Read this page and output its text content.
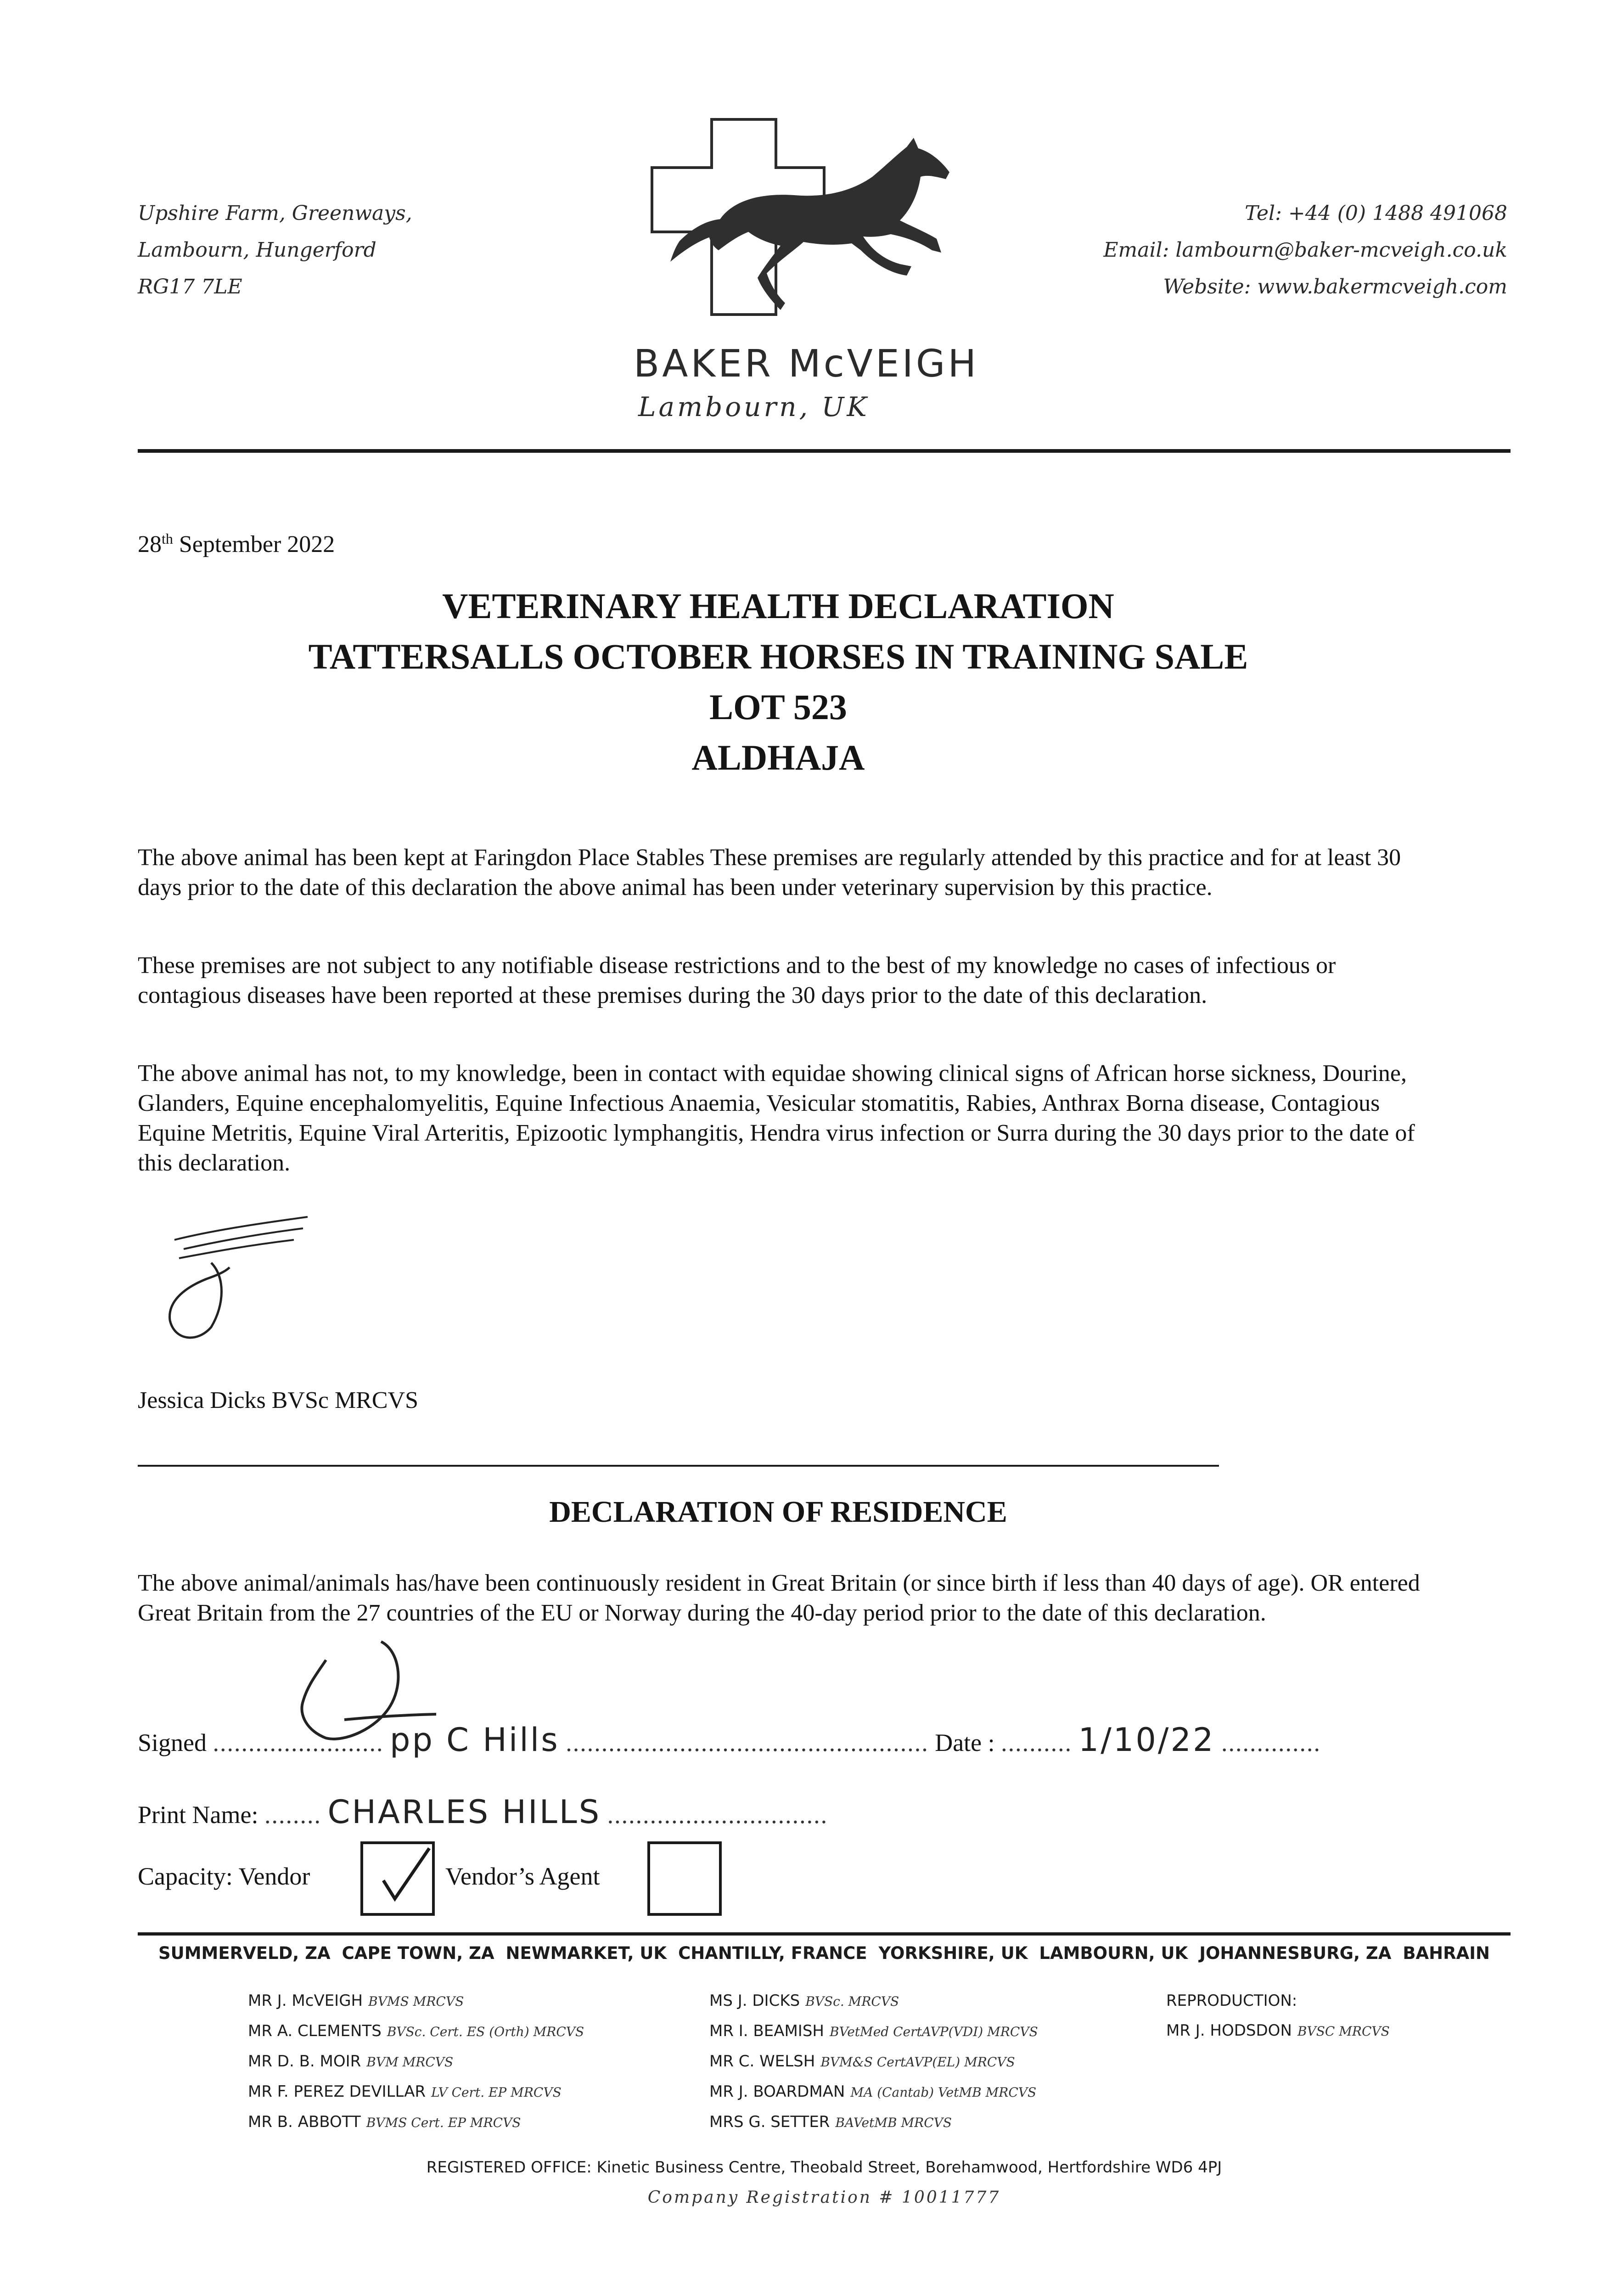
Upshire Farm, Greenways,
Lambourn, Hungerford
RG17 7LE
BAKER McVEIGH
Lambourn, UK
Tel: +44 (0) 1488 491068
Email: lambourn@baker-mcveigh.co.uk
Website: www.bakermcveigh.com
28th September 2022
VETERINARY HEALTH DECLARATION
TATTERSALLS OCTOBER HORSES IN TRAINING SALE
LOT 523
ALDHAJA
The above animal has been kept at Faringdon Place Stables These premises are regularly attended by this practice and for at least 30 days prior to the date of this declaration the above animal has been under veterinary supervision by this practice.
These premises are not subject to any notifiable disease restrictions and to the best of my knowledge no cases of infectious or contagious diseases have been reported at these premises during the 30 days prior to the date of this declaration.
The above animal has not, to my knowledge, been in contact with equidae showing clinical signs of African horse sickness, Dourine, Glanders, Equine encephalomyelitis, Equine Infectious Anaemia, Vesicular stomatitis, Rabies, Anthrax Borna disease, Contagious Equine Metritis, Equine Viral Arteritis, Epizootic lymphangitis, Hendra virus infection or Surra during the 30 days prior to the date of this declaration.
Jessica Dicks BVSc MRCVS
DECLARATION OF RESIDENCE
The above animal/animals has/have been continuously resident in Great Britain (or since birth if less than 40 days of age). OR entered Great Britain from the 27 countries of the EU or Norway during the 40-day period prior to the date of this declaration.
Signed ........................ pp C Hills ................................................... Date : .......... 1/10/22 ..............
Print Name: ........ CHARLES HILLS ...............................
Capacity: Vendor	Vendor’s Agent
SUMMERVELD, ZA CAPE TOWN, ZA NEWMARKET, UK CHANTILLY, FRANCE YORKSHIRE, UK LAMBOURN, UK JOHANNESBURG, ZA BAHRAIN
MR J. McVEIGH BVMS MRCVS
MR A. CLEMENTS BVSc. Cert. ES (Orth) MRCVS
MR D. B. MOIR BVM MRCVS
MR F. PEREZ DEVILLAR LV Cert. EP MRCVS
MR B. ABBOTT BVMS Cert. EP MRCVS
MS J. DICKS BVSc. MRCVS
MR I. BEAMISH BVetMed CertAVP(VDI) MRCVS
MR C. WELSH BVM&S CertAVP(EL) MRCVS
MR J. BOARDMAN MA (Cantab) VetMB MRCVS
MRS G. SETTER BAVetMB MRCVS
REPRODUCTION:
MR J. HODSDON BVSC MRCVS
REGISTERED OFFICE: Kinetic Business Centre, Theobald Street, Borehamwood, Hertfordshire WD6 4PJ
Company Registration # 10011777
